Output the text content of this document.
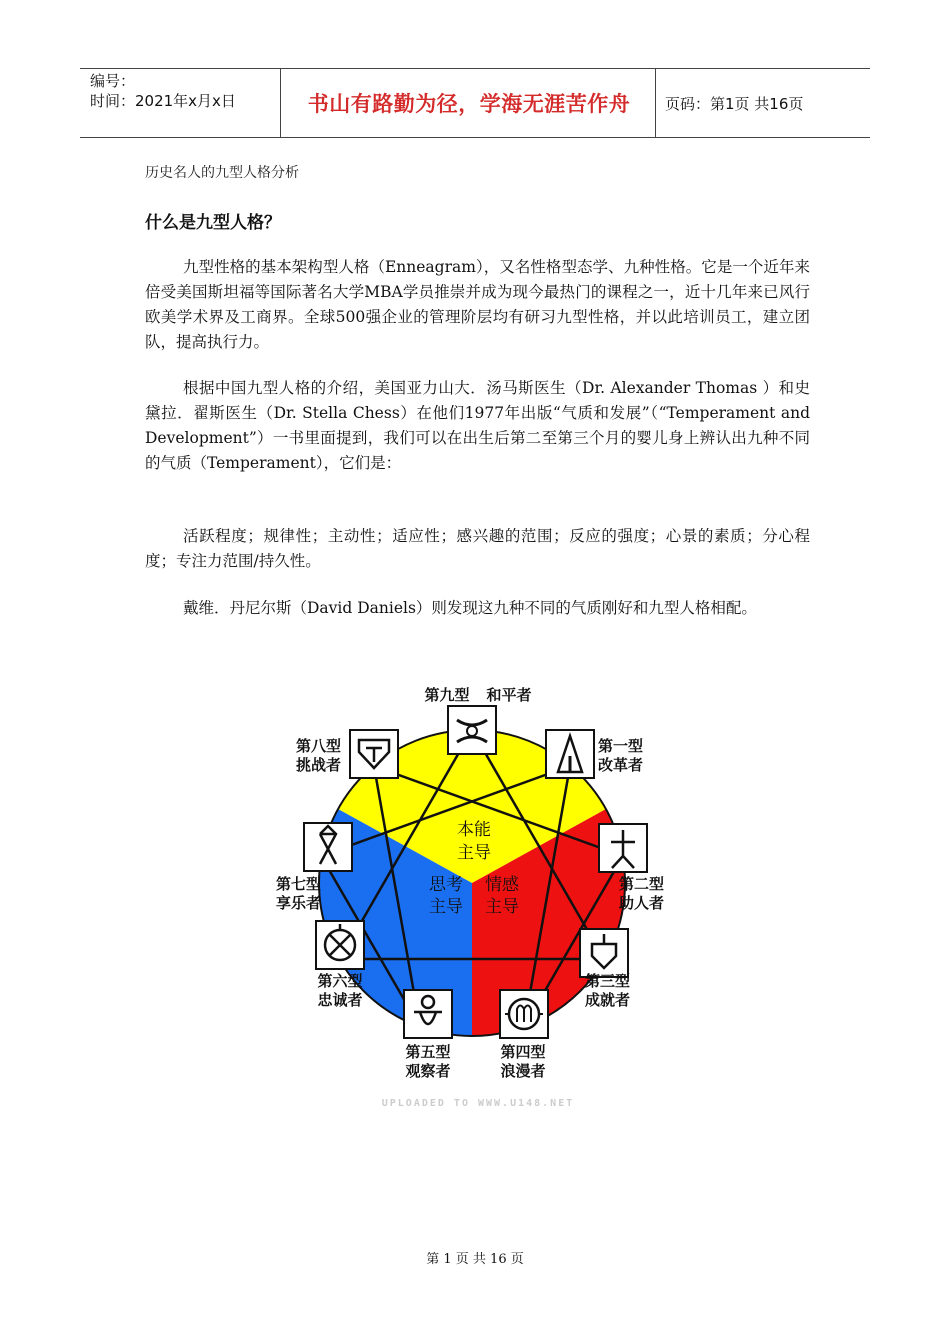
编号：
时间：2021年x月x日	书山有路勤为径，学海无涯苦作舟	页码：第1页 共16页
历史名人的九型人格分析
什么是九型人格？
九型性格的基本架构型人格（Enneagram），又名性格型态学、九种性格。它是一个近年来倍受美国斯坦福等国际著名大学MBA学员推崇并成为现今最热门的课程之一，近十几年来已风行欧美学术界及工商界。全球500强企业的管理阶层均有研习九型性格，并以此培训员工，建立团队，提高执行力。
根据中国九型人格的介绍，美国亚力山大．汤马斯医生（Dr. Alexander Thomas ）和史黛拉．翟斯医生（Dr. Stella Chess）在他们1977年出版“气质和发展”（“Temperament and Development”）一书里面提到，我们可以在出生后第二至第三个月的婴儿身上辨认出九种不同的气质（Temperament），它们是：
活跃程度；规律性；主动性；适应性；感兴趣的范围；反应的强度；心景的素质；分心程度；专注力范围/持久性。
戴维．丹尼尔斯（David Daniels）则发现这九种不同的气质刚好和九型人格相配。
本能
主导
思考
主导
情感
主导
第九型 和平者
第一型
改革者
第二型
助人者
第三型
成就者
第四型
浪漫者
第五型
观察者
第六型
忠诚者
第七型
享乐者
第八型
挑战者
UPLOADED TO WWW.U148.NET
第 1 页 共 16 页
